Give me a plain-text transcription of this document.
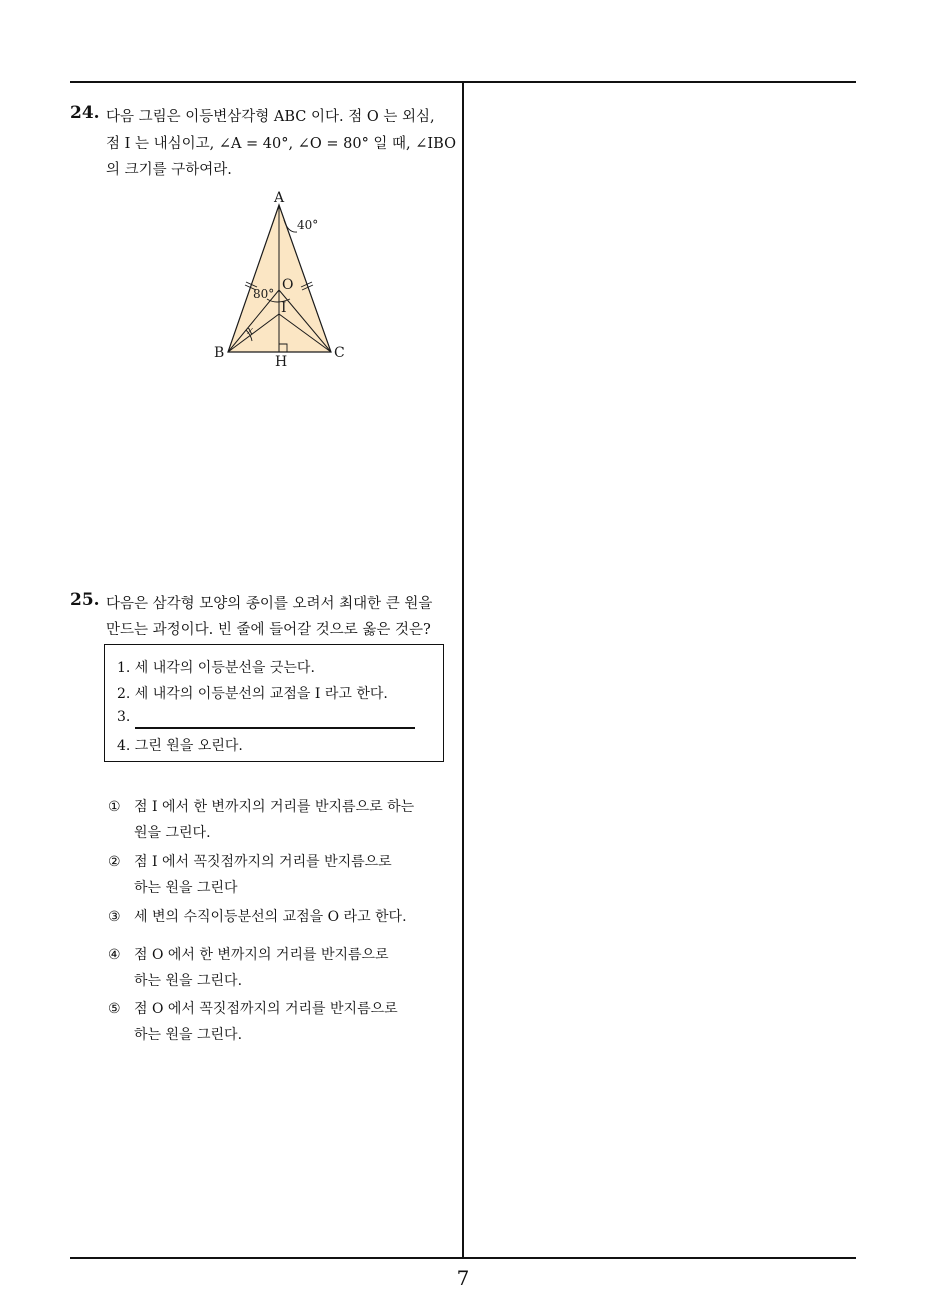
24. 다음 그림은 이등변삼각형 ABC 이다. 점 O 는 외심,
점 I 는 내심이고, ∠A = 40°, ∠O = 80° 일 때, ∠IBO
의 크기를 구하여라.
A
B	C
H
O
I
x
40°
80°
25. 다음은 삼각형 모양의 종이를 오려서 최대한 큰 원을
만드는 과정이다. 빈 줄에 들어갈 것으로 옳은 것은?
1. 세 내각의 이등분선을 긋는다.
2. 세 내각의 이등분선의 교점을 I 라고 한다.
3.
4. 그린 원을 오린다.
① 점 I 에서 한 변까지의 거리를 반지름으로 하는
원을 그린다.
② 점 I 에서 꼭짓점까지의 거리를 반지름으로
하는 원을 그린다
③ 세 변의 수직이등분선의 교점을 O 라고 한다.
④ 점 O 에서 한 변까지의 거리를 반지름으로
하는 원을 그린다.
⑤ 점 O 에서 꼭짓점까지의 거리를 반지름으로
하는 원을 그린다.
7
